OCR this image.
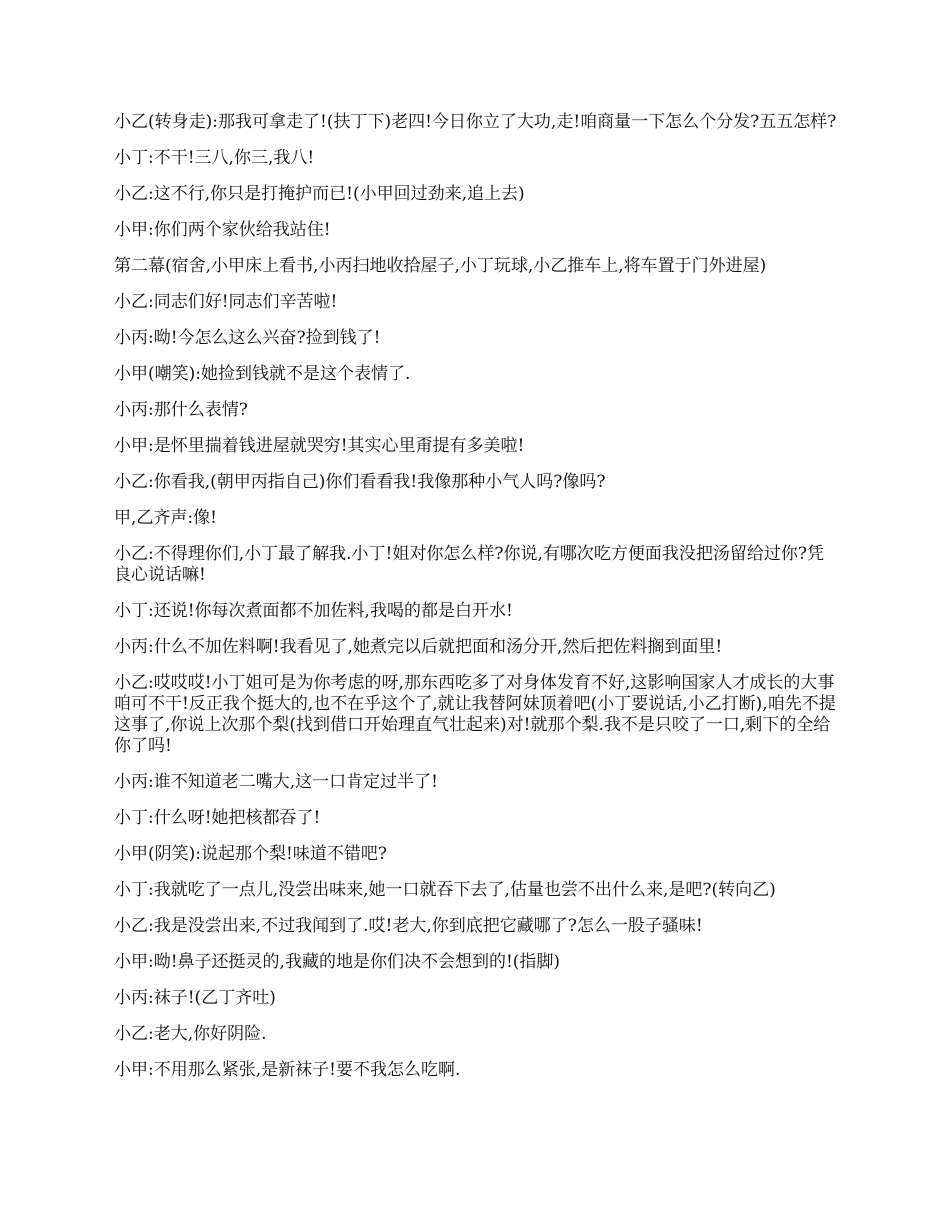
小乙(转身走):那我可拿走了!(扶丁下)老四!今日你立了大功,走!咱商量一下怎么个分发?五五怎样?

小丁:不干!三八,你三,我八!

小乙:这不行,你只是打掩护而已!(小甲回过劲来,追上去)

小甲:你们两个家伙给我站住!

第二幕(宿舍,小甲床上看书,小丙扫地收拾屋子,小丁玩球,小乙推车上,将车置于门外进屋)

小乙:同志们好!同志们辛苦啦!

小丙:呦!今怎么这么兴奋?捡到钱了!

小甲(嘲笑):她捡到钱就不是这个表情了.

小丙:那什么表情?

小甲:是怀里揣着钱进屋就哭穷!其实心里甭提有多美啦!

小乙:你看我,(朝甲丙指自己)你们看看我!我像那种小气人吗?像吗?

甲,乙齐声:像!

小乙:不得理你们,小丁最了解我.小丁!姐对你怎么样?你说,有哪次吃方便面我没把汤留给过你?凭良心说话嘛!

小丁:还说!你每次煮面都不加佐料,我喝的都是白开水!

小丙:什么不加佐料啊!我看见了,她煮完以后就把面和汤分开,然后把佐料搁到面里!

小乙:哎哎哎!小丁姐可是为你考虑的呀,那东西吃多了对身体发育不好,这影响国家人才成长的大事咱可不干!反正我个挺大的,也不在乎这个了,就让我替阿妹顶着吧(小丁要说话,小乙打断),咱先不提这事了,你说上次那个梨(找到借口开始理直气壮起来)对!就那个梨.我不是只咬了一口,剩下的全给你了吗!

小丙:谁不知道老二嘴大,这一口肯定过半了!

小丁:什么呀!她把核都吞了!

小甲(阴笑):说起那个梨!味道不错吧?

小丁:我就吃了一点儿,没尝出味来,她一口就吞下去了,估量也尝不出什么来,是吧?(转向乙)

小乙:我是没尝出来,不过我闻到了.哎!老大,你到底把它藏哪了?怎么一股子骚味!

小甲:呦!鼻子还挺灵的,我藏的地是你们决不会想到的!(指脚)

小丙:袜子!(乙丁齐吐)

小乙:老大,你好阴险.

小甲:不用那么紧张,是新袜子!要不我怎么吃啊.
